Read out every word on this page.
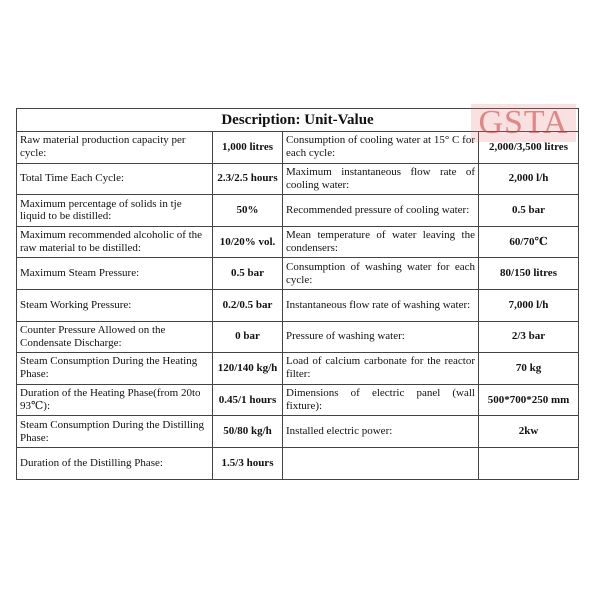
Description: Unit-Value			
Raw material production capacity per cycle:	1,000 litres	Consumption of cooling water at 15° C for each cycle:	2,000/3,500 litres
Total Time Each Cycle:	2.3/2.5 hours	Maximum instantaneous flow rate of cooling water:	2,000 l/h
Maximum percentage of solids in tje liquid to be distilled:	50%	Recommended pressure of cooling water:	0.5 bar
Maximum recommended alcoholic of the raw material to be distilled:	10/20% vol.	Mean temperature of water leaving the condensers:	60/70℃
Maximum Steam Pressure:	0.5 bar	Consumption of washing water for each cycle:	80/150 litres
Steam Working Pressure:	0.2/0.5 bar	Instantaneous flow rate of washing water:	7,000 l/h
Counter Pressure Allowed on the Condensate Discharge:	0 bar	Pressure of washing water:	2/3 bar
Steam Consumption During the Heating Phase:	120/140 kg/h	Load of calcium carbonate for the reactor filter:	70 kg
Duration of the Heating Phase(from 20to 93℃):	0.45/1 hours	Dimensions of electric panel (wall fixture):	500*700*250 mm
Steam Consumption During the Distilling Phase:	50/80 kg/h	Installed electric power:	2kw
Duration of the Distilling Phase:	1.5/3 hours		
GSTA
